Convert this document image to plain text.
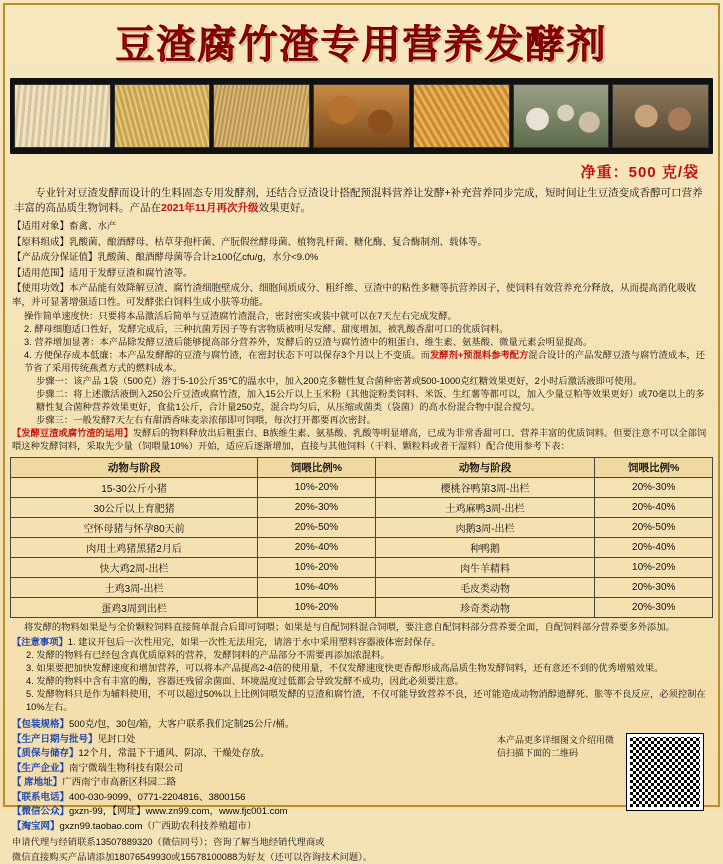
豆渣腐竹渣专用营养发酵剂
净重：500 克/袋
专业针对豆渣发酵而设计的生料固态专用发酵剂，还结合豆渣设计搭配预混料营养让发酵+补充营养同步完成，短时间让生豆渣变成香醇可口营养丰富的高品质生物饲料。产品在2021年11月再次升级效果更好。
【适用对象】畜禽、水产
【原料组成】乳酸菌、酿酒酵母、枯草芽孢杆菌、产朊假丝酵母菌、植物乳杆菌、糖化酶、复合酶制剂、载体等。
【产品成分保证值】乳酸菌、酿酒酵母菌等合计≥100亿cfu/g，水分<9.0%
【适用范围】适用于发酵豆渣和腐竹渣等。
【使用功效】本产品能有效降解豆渣、腐竹渣细胞壁成分、细胞间质成分、粗纤维、豆渣中的粘性多糖等抗营养因子，使饲料有效营养充分释放，从而提高消化吸收率，并可显著增强适口性。可发酵张白饲料生成小肤等功能。
操作简单速度快：只要将本品激活后简单与豆渣腐竹渣混合，密封密实或装中就可以在7天左右完成发酵。
2. 酵母细胞适口性好，发酵完成后，三种抗菌芳因子等有害物质被明尽发酵、甜度增加，被乳酸香甜可口的优质饲料。
3. 营养增加显著：本产品除发酵豆渣后能够提高部分营养外，发酵后的豆渣与腐竹渣中的粗蛋白、维生素、氨基酸、微量元素会明显提高。
4. 方便保存成本低廉：本产品发酵醇的豆渣与腐竹渣，在密封状态下可以保存3个月以上不变质。而发酵剂+预混料参考配方混合设计的产品发酵豆渣与腐竹渣成本，还节省了采用传统燕煮方式的燃料成本。
步骤一：该产品 1袋（500克）溶于5-10公斤35℃的温水中，加入200克多糖性复合菌种密著或500-1000克红糖效果更好，2小时后激活液即可使用。
步骤二：将上述激活液倒入250公斤豆渣或腐竹渣，加入15公斤以上玉米粉（其他淀粉类饲料、米饭、生红薯等都可以，加入少量豆粕等效果更好）或70毫以上的多糖性复合菌种营养效果更好，食盐1公斤，合计量250克，混合均匀后，从压缩或菌类（袋菌）的高水份混合物中混合搅匀。
步骤三：一般发酵7天左右有甜酒香味麦亲浓郁即可饲喂，每次打开都要再次密封。
【发酵豆渣或腐竹渣的运用】发酵后的物料释放出后粗蛋白、B族维生素、氨基酸、乳酸等明显增高，已成为非常香甜可口、营养丰富的优质饲料。但要注意不可以全部饲喂这种发酵饲料，采取先少量（饲喂量10%）开始，适应后逐渐增加，直接与其他饲料（干料、颗粒料或者干湿料）配合使用参考下表：
动物与阶段	饲喂比例%	动物与阶段	饲喂比例%
15-30公斤小猪	10%-20%	樱桃谷鸭第3周-出栏	20%-30%
30公斤以上育肥猪	20%-30%	土鸡麻鸭3周-出栏	20%-40%
空怀母猪与怀孕80天前	20%-50%	肉鹅3周-出栏	20%-50%
肉用土鸡猪黑猪2月后	20%-40%	种鸭鹅	20%-40%
快大鸡2周-出栏	10%-20%	肉牛羊精料	10%-20%
土鸡3周-出栏	10%-40%	毛皮类动物	20%-30%
蛋鸡3周到出栏	10%-20%	珍奇类动物	20%-30%
将发酵的物料如果是与全价颗粒饲料直接简单混合后即可饲喂；如果是与自配饲料混合饲喂，要注意自配饲料部分营养要全面，自配饲料部分营养要多外添加。
【注意事项】1. 建议开包后一次性用完，如果一次性无法用完，请溶于水中采用塑料容器液体密封保存。
2. 发酵的物料有已经包含真优质原料的营养，发酵饲料的产品部分不需要再添加浓混料。
3. 如果要把加快发酵速度和增加营养，可以将本产品提高2-4倍的使用量，不仅发酵速度快更香醇形成高品质生物发酵饲料，还有意还不到的优秀增殖效果。
4. 发酵的物料中含有丰富的酶，容器还残留余菌面、环境温度过低都会导致发酵不成功，因此必须要注意。
5. 发酵物料只是作为辅料使用，不可以超过50%以上比例饲喂发酵的豆渣和腐竹渣，不仅可能导致营养不良，还可能造成动物消醇遗酵死、胀等不良反应，必须控制在10%左右。
【包装规格】500克/包，30包/箱，大客户联系我们定制25公斤/桶。
【生产日期与批号】见封口处
【质保与储存】12个月，常温下干通风、阴凉、干燥处存放。
【生产企业】南宁微瑞生物科技有限公司
【 席地址】广西南宁市高新区科园二路
【联系电话】400-030-9099、0771-2204816、3800156
【微信公众】gxzn-99，【网址】www.zn99.com，www.fjc001.com
【淘宝网】gxzn99.taobao.com（广西助农科技养殖超市）
本产品更多详细图文介绍用微信扫描下面的二维码
申请代理与经销联系13507889320（微信同号）；咨询了解当地经销代理商或
微信直接购买产品请添加18076549930或15578100088为好友（还可以咨询技术问题）。
